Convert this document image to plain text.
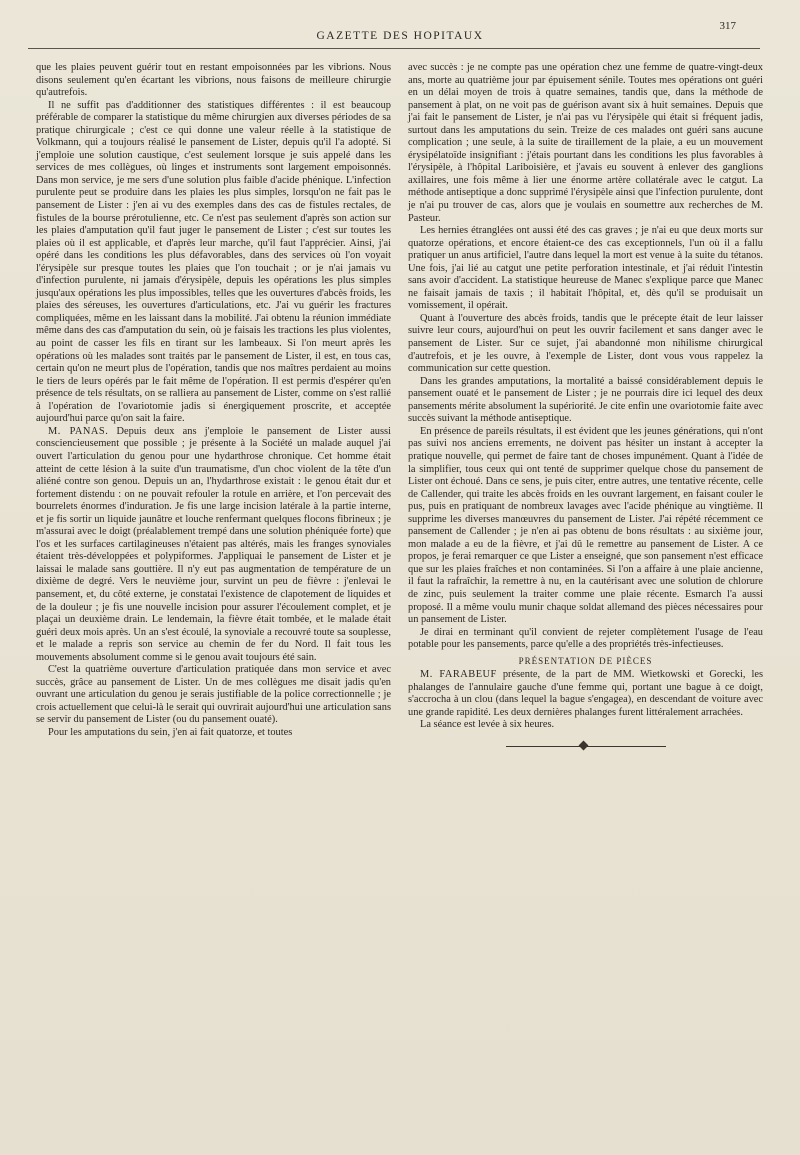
GAZETTE DES HOPITAUX
317

que les plaies peuvent guérir tout en restant empoisonnées par les vibrions. Nous disons seulement qu'en écartant les vibrions, nous faisons de meilleure chirurgie qu'autrefois.

Il ne suffit pas d'additionner des statistiques différentes : il est beaucoup préférable de comparer la statistique du même chirurgien aux diverses périodes de sa pratique chirurgicale ; c'est ce qui donne une valeur réelle à la statistique de Volkmann, qui a toujours réalisé le pansement de Lister, depuis qu'il l'a adopté. Si j'emploie une solution caustique, c'est seulement lorsque je suis appelé dans les services de mes collègues, où linges et instruments sont largement empoisonnés. Dans mon service, je me sers d'une solution plus faible d'acide phénique. L'infection purulente peut se produire dans les plaies les plus simples, lorsqu'on ne fait pas le pansement de Lister : j'en ai vu des exemples dans des cas de fistules rectales, de fistules de la bourse prérotulienne, etc. Ce n'est pas seulement d'après son action sur les plaies d'amputation qu'il faut juger le pansement de Lister ; c'est sur toutes les plaies où il est applicable, et d'après leur marche, qu'il faut l'apprécier. Ainsi, j'ai opéré dans les conditions les plus défavorables, dans des services où l'on voyait l'érysipèle sur presque toutes les plaies que l'on touchait ; or je n'ai jamais vu d'infection purulente, ni jamais d'érysipèle, depuis les opérations les plus simples jusqu'aux opérations les plus impossibles, telles que les ouvertures d'abcès froids, les plaies des séreuses, les ouvertures d'articulations, etc. J'ai vu guérir les fractures compliquées, même en les laissant dans la mobilité. J'ai obtenu la réunion immédiate même dans des cas d'amputation du sein, où je faisais les tractions les plus violentes, au point de casser les fils en tirant sur les lambeaux. Si l'on meurt après les opérations où les malades sont traités par le pansement de Lister, il est, en tous cas, certain qu'on ne meurt plus de l'opération, tandis que nos maîtres perdaient au moins le tiers de leurs opérés par le fait même de l'opération. Il est permis d'espérer qu'en présence de tels résultats, on se ralliera au pansement de Lister, comme on s'est rallié à l'opération de l'ovariotomie jadis si énergiquement proscrite, et acceptée aujourd'hui parce qu'on sait la faire.

M. PANAS. Depuis deux ans j'emploie le pansement de Lister aussi consciencieusement que possible ; je présente à la Société un malade auquel j'ai ouvert l'articulation du genou pour une hydarthrose chronique. Cet homme était atteint de cette lésion à la suite d'un traumatisme, d'un choc violent de la tête d'un aliéné contre son genou. Depuis un an, l'hydarthrose existait : le genou était dur et fortement distendu : on ne pouvait refouler la rotule en arrière, et l'on percevait des bourrelets énormes d'induration. Je fis une large incision latérale à la partie interne, et je fis sortir un liquide jaunâtre et louche renfermant quelques flocons fibrineux ; je m'assurai avec le doigt (préalablement trempé dans une solution phéniquée forte) que l'os et les surfaces cartilagineuses n'étaient pas altérés, mais les franges synoviales étaient très-développées et polypiformes. J'appliquai le pansement de Lister et je laissai le malade sans gouttière. Il n'y eut pas augmentation de température de un dixième de degré. Vers le neuvième jour, survint un peu de fièvre : j'enlevai le pansement, et, du côté externe, je constatai l'existence de clapotement de liquides et de la douleur ; je fis une nouvelle incision pour assurer l'écoulement complet, et je plaçai un deuxième drain. Le lendemain, la fièvre était tombée, et le malade était guéri deux mois après. Un an s'est écoulé, la synoviale a recouvré toute sa souplesse, et le malade a repris son service au chemin de fer du Nord. Il fait tous les mouvements absolument comme si le genou avait toujours été sain.

C'est la quatrième ouverture d'articulation pratiquée dans mon service et avec succès, grâce au pansement de Lister. Un de mes collègues me disait jadis qu'en ouvrant une articulation du genou je serais justifiable de la police correctionnelle ; je crois actuellement que celui-là le serait qui ouvrirait aujourd'hui une articulation sans se servir du pansement de Lister (ou du pansement ouaté).

Pour les amputations du sein, j'en ai fait quatorze, et toutes

avec succès : je ne compte pas une opération chez une femme de quatre-vingt-deux ans, morte au quatrième jour par épuisement sénile. Toutes mes opérations ont guéri en un délai moyen de trois à quatre semaines, tandis que, dans la méthode de pansement à plat, on ne voit pas de guérison avant six à huit semaines. Depuis que j'ai fait le pansement de Lister, je n'ai pas vu l'érysipèle qui était si fréquent jadis, surtout dans les amputations du sein. Treize de ces malades ont guéri sans aucune complication ; une seule, à la suite de tiraillement de la plaie, a eu un mouvement érysipélatoïde insignifiant : j'étais pourtant dans les conditions les plus favorables à l'érysipèle, à l'hôpital Lariboisière, et j'avais eu souvent à enlever des ganglions axillaires, une fois même à lier une énorme artère collatérale avec le catgut. La méthode antiseptique a donc supprimé l'érysipèle ainsi que l'infection purulente, dont je n'ai pu trouver de cas, alors que je voulais en soumettre aux recherches de M. Pasteur.

Les hernies étranglées ont aussi été des cas graves ; je n'ai eu que deux morts sur quatorze opérations, et encore étaient-ce des cas exceptionnels, l'un où il a fallu pratiquer un anus artificiel, l'autre dans lequel la mort est venue à la suite du tétanos. Une fois, j'ai lié au catgut une petite perforation intestinale, et j'ai réduit l'intestin sans avoir d'accident. La statistique heureuse de Manec s'explique parce que Manec ne faisait jamais de taxis ; il habitait l'hôpital, et, dès qu'il se produisait un vomissement, il opérait.

Quant à l'ouverture des abcès froids, tandis que le précepte était de leur laisser suivre leur cours, aujourd'hui on peut les ouvrir facilement et sans danger avec le pansement de Lister. Sur ce sujet, j'ai abandonné mon nihilisme chirurgical d'autrefois, et je les ouvre, à l'exemple de Lister, dont vous vous rappelez la communication sur cette question.

Dans les grandes amputations, la mortalité a baissé considérablement depuis le pansement ouaté et le pansement de Lister ; je ne pourrais dire ici lequel des deux pansements mérite absolument la supériorité. Je cite enfin une ovariotomie faite avec succès suivant la méthode antiseptique.

En présence de pareils résultats, il est évident que les jeunes générations, qui n'ont pas suivi nos anciens errements, ne doivent pas hésiter un instant à accepter la pratique nouvelle, qui permet de faire tant de choses impunément. Quant à l'idée de la simplifier, tous ceux qui ont tenté de supprimer quelque chose du pansement de Lister ont échoué. Dans ce sens, je puis citer, entre autres, une tentative récente, celle de Callender, qui traite les abcès froids en les ouvrant largement, en faisant couler le pus, puis en pratiquant de nombreux lavages avec l'acide phénique au vingtième. Il supprime les diverses manœuvres du pansement de Lister. J'ai répété récemment ce pansement de Callender ; je n'en ai pas obtenu de bons résultats : au sixième jour, mon malade a eu de la fièvre, et j'ai dû le remettre au pansement de Lister. A ce propos, je ferai remarquer ce que Lister a enseigné, que son pansement n'est efficace que sur les plaies fraîches et non contaminées. Si l'on a affaire à une plaie ancienne, il faut la rafraîchir, la remettre à nu, en la cautérisant avec une solution de chlorure de zinc, puis seulement la traiter comme une plaie récente. Esmarch l'a aussi proposé. Il a même voulu munir chaque soldat allemand des pièces nécessaires pour un pansement de Lister.

Je dirai en terminant qu'il convient de rejeter complètement l'usage de l'eau potable pour les pansements, parce qu'elle a des propriétés très-infectieuses.

PRÉSENTATION DE PIÈCES

M. FARABEUF présente, de la part de MM. Wietkowski et Gorecki, les phalanges de l'annulaire gauche d'une femme qui, portant une bague à ce doigt, s'accrocha à un clou (dans lequel la bague s'engagea), en descendant de voiture avec une grande rapidité. Les deux dernières phalanges furent littéralement arrachées.

La séance est levée à six heures.
